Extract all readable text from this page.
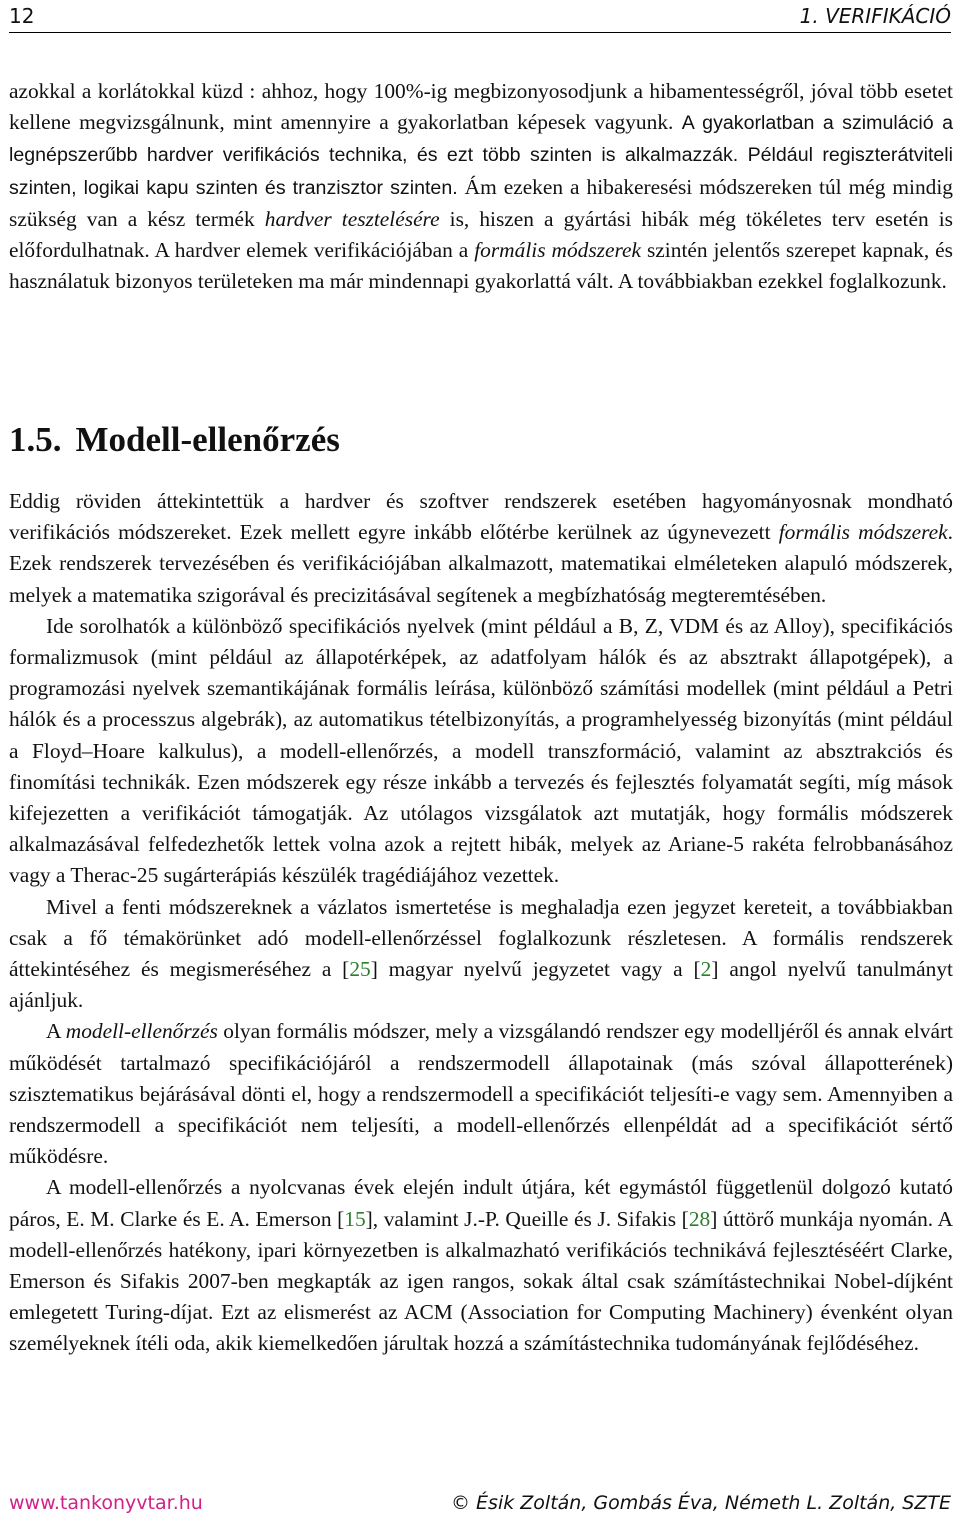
12	1. VERIFIKÁCIÓ

azokkal a korlátokkal küzd : ahhoz, hogy 100%-ig megbizonyosodjunk a hibamentességről, jóval több esetet kellene megvizsgálnunk, mint amennyire a gyakorlatban képesek vagyunk. A gyakorlatban a szimuláció a legnépszerűbb hardver verifikációs technika, és ezt több szinten is alkalmazzák. Például regiszterátviteli szinten, logikai kapu szinten és tranzisztor szinten. Ám ezeken a hibakeresési módszereken túl még mindig szükség van a kész termék hardver tesztelésére is, hiszen a gyártási hibák még tökéletes terv esetén is előfordulhatnak. A hardver elemek verifikációjában a formális módszerek szintén jelentős szerepet kapnak, és használatuk bizonyos területeken ma már mindennapi gyakorlattá vált. A továbbiakban ezekkel foglalkozunk.

1.5. Modell-ellenőrzés

Eddig röviden áttekintettük a hardver és szoftver rendszerek esetében hagyományosnak mondható verifikációs módszereket. Ezek mellett egyre inkább előtérbe kerülnek az úgynevezett formális módszerek. Ezek rendszerek tervezésében és verifikációjában alkalmazott, matematikai elméleteken alapuló módszerek, melyek a matematika szigorával és precizitásával segítenek a megbízhatóság megteremtésében.

Ide sorolhatók a különböző specifikációs nyelvek (mint például a B, Z, VDM és az Alloy), specifikációs formalizmusok (mint például az állapotérképek, az adatfolyam hálók és az absztrakt állapotgépek), a programozási nyelvek szemantikájának formális leírása, különböző számítási modellek (mint például a Petri hálók és a processzus algebrák), az automatikus tételbizonyítás, a programhelyesség bizonyítás (mint például a Floyd–Hoare kalkulus), a modell-ellenőrzés, a modell transzformáció, valamint az absztrakciós és finomítási technikák. Ezen módszerek egy része inkább a tervezés és fejlesztés folyamatát segíti, míg mások kifejezetten a verifikációt támogatják. Az utólagos vizsgálatok azt mutatják, hogy formális módszerek alkalmazásával felfedezhetők lettek volna azok a rejtett hibák, melyek az Ariane-5 rakéta felrobbanásához vagy a Therac-25 sugárterápiás készülék tragédiájához vezettek.

Mivel a fenti módszereknek a vázlatos ismertetése is meghaladja ezen jegyzet kereteit, a továbbiakban csak a fő témakörünket adó modell-ellenőrzéssel foglalkozunk részletesen. A formális rendszerek áttekintéséhez és megismeréséhez a [25] magyar nyelvű jegyzetet vagy a [2] angol nyelvű tanulmányt ajánljuk.

A modell-ellenőrzés olyan formális módszer, mely a vizsgálandó rendszer egy modelljéről és annak elvárt működését tartalmazó specifikációjáról a rendszermodell állapotainak (más szóval állapotterének) szisztematikus bejárásával dönti el, hogy a rendszermodell a specifikációt teljesíti-e vagy sem. Amennyiben a rendszermodell a specifikációt nem teljesíti, a modell-ellenőrzés ellenpéldát ad a specifikációt sértő működésre.

A modell-ellenőrzés a nyolcvanas évek elején indult útjára, két egymástól függetlenül dolgozó kutató páros, E. M. Clarke és E. A. Emerson [15], valamint J.-P. Queille és J. Sifakis [28] úttörő munkája nyomán. A modell-ellenőrzés hatékony, ipari környezetben is alkalmazható verifikációs technikává fejlesztéséért Clarke, Emerson és Sifakis 2007-ben megkapták az igen rangos, sokak által csak számítástechnikai Nobel-díjként emlegetett Turing-díjat. Ezt az elismerést az ACM (Association for Computing Machinery) évenként olyan személyeknek ítéli oda, akik kiemelkedően járultak hozzá a számítástechnika tudományának fejlődéséhez.

www.tankonyvtar.hu	© Ésik Zoltán, Gombás Éva, Németh L. Zoltán, SZTE
